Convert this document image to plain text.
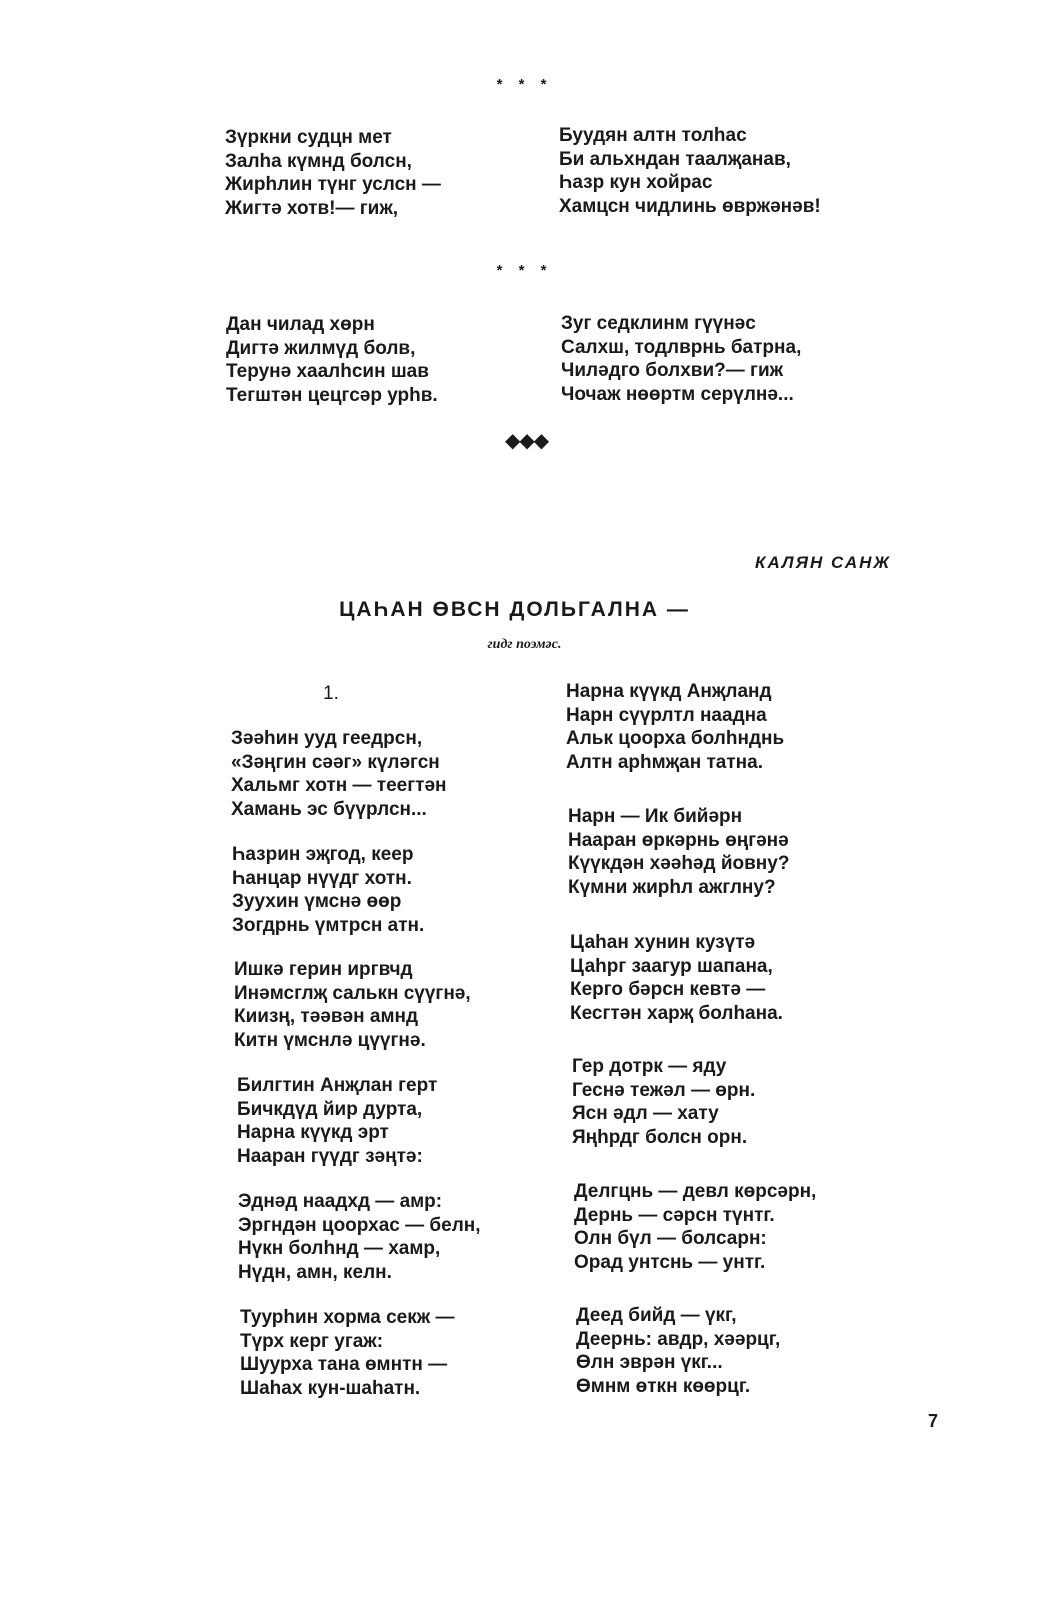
* * *
Зүркни судцн мет
Залһа күмнд болсн,
Жирһлин түнг услсн —
Жигтә хотв!— гиж,
Буудян алтн толһас
Би альхндан таалҗанав,
Һазр кун хойрас
Хамцсн чидлинь өвржәнәв!
* * *
Дан чилад хөрн
Дигтә жилмүд болв,
Терунә хаалһсин шав
Тегштән цецгсәр урһв.
Зуг седклинм гүүнәс
Салхш, тодлврнь батрна,
Чиләдго болхви?— гиж
Чочаж нөөртм серүлнә...
◆◆◆
КАЛЯН САНЖ
ЦАҺАН ӨВСН ДОЛЬГАЛНА —
гидг поэмәс.
1.
Зәәһин ууд геедрсн,
«Зәңгин сәәг» күләгсн
Хальмг хотн — теегтән
Хамань эс бүүрлсн...
Һазрин эҗгод, кеер
Һанцар нүүдг хотн.
Зуухин үмснә өөр
Зогдрнь үмтрсн атн.
Ишкә герин иргвчд
Инәмсглҗ салькн сүүгнә,
Киизң, тәәвән амнд
Китн үмснлә цүүгнә.
Билгтин Анҗлан герт
Бичкдүд йир дурта,
Нарна күүкд эрт
Нааран гүүдг зәңтә:
Эднәд наадхд — амр:
Эргндән цоорхас — белн,
Нүкн болһнд — хамр,
Нүдн, амн, келн.
Туурһин хорма секж —
Түрх керг угаж:
Шуурха тана өмнтн —
Шаһах кун-шаһатн.
Нарна күүкд Анҗланд
Нарн сүүрлтл наадна
Альк цоорха болһнднь
Алтн арһмҗан татна.
Нарн — Ик бийәрн
Нааран өркәрнь өңгәнә
Күүкдән хәәһәд йовну?
Күмни жирһл ажглну?
Цаһан хунин кузүтә
Цаһрг заагур шапана,
Керго бәрсн кевтә —
Кесгтән харҗ болһана.
Гер дотрк — яду
Геснә тежәл — өрн.
Ясн әдл — хату
Яңһрдг болсн орн.
Делгцнь — девл көрсәрн,
Дернь — сәрсн түнтг.
Олн бүл — болсарн:
Орад унтснь — унтг.
Деед бийд — үкг,
Деернь: авдр, хәәрцг,
Өлн эврән үкг...
Өмнм өткн көөрцг.
7
